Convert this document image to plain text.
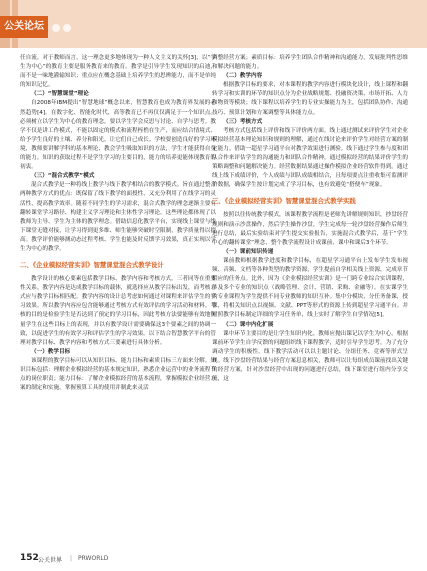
公关论坛

任自流。对于教师而言，这一理念更多地体现为一种人文主义的关怀[3]，以“学生为中心”的教育主要是服务教育来的教育。教学是引导学生发现知识的启迪，而不是一味地灌输知识；重点应在概念基础上培养学生的思辨能力，而不是单纯的知识记忆。

（二）“智慧课堂”理论

自2008年IBM提出“智慧地球”概念以来，智慧教育也成为教育界发展的必然趋势[4]。在数字化、智能化时代，高等教育已不再仅仅满足于一个知识点。必须树立以学生为中心的教育理念，要以学生学会反思与讨论、自学与思考。教学不仅是讲工作模式，不能以固定的模式和流程桎梏在生产，而应结合情境式、给予学生良好的土壤、养分和阳光，让它们自己成长。学校要创造良好的学习环境，教师要讲解学科的基本理论、教会学生吸取知识的方法，学生才能获得自身的能力。知识的获取过程不是学生学习的主要目的，能力的培养更能体现教育的初衷。

（三）“混合式教学”模式

混合式教学是一种将线上教学与线下教学相结合的教学模式。旨在通过整合两种教学方式的优点：既保留了线下教学的面授性、又充分利用了在线学习的灵活性，提高教学效率。随着不同学生的学习需求，混合式教学的理念逐渐主要有翻转课堂学习路径、构建主义学习理论和主体性学习理论。这些理论都体现了以教师为主导、学生为主体的教学理念。借助信息化教学平台，实现线上课堂与线下课堂无缝对接，让学习得到更多维、师生能够突破时空限制，教学质量得以提高。教学评价能够测动态过程考核、学生也能及时反馈学习效果，真正实现以学生为中心的教学。

二、《企业模拟经营实训》智慧课堂混合式教学设计

教学设计的核心要素包括教学目标、教学内容和考核方式。三者同等在重要性关系。教学内容是达成教学目标的载体，就选择应从教学目标出发，而考核方式应与教学目标相匹配。教学内容的设计总考虑如何通过对课程来评估学生的学习效果。所以教学内容应包含能够通过考核方式有效评估的学习活动和材料。考核的目的是检验学生是否达到了预定的学习目标，因此考核方法要能够有效地衡量学生在这些目标上的表现，并以有教学设计需要确保这3个要素之间的协调一致，以促进学生的有效学习和评估学生的学习效果。以下结合智慧教学平台的管理对教学目标、教学内容和考核方式三要素进行具体分析。

（一）教学目标

该课程的教学目标可以从知识目标、能力目标和素质目标三方面来分解。知识目标包括：理解企业模拟经营的基本规定知识，熟悉企业运营中的业务流程节点的岗位职责；能力目标：了解企业模拟经营的基本流程，掌握模拟企业经营方案的制定和实施，掌握预算工具的使用并制此来灵活

调整经营方案；素质目标：培养学生团队合作精神和沟通能力，发展批判性思维和解决问题的能力。

（二）教学内容

根据教学目标的要求，对本课程的教学内容进行模块化设计，线上课程和翻转学习和实训的环节的知识点分为企业战略规划、投融资决策、市场开拓、人力和物资等模块；线下课程以培养学生的专业实操能力为主，包括团队协作、沟通技巧、预算计划和方案调整等具体能力点。

（三）考核方式

考核方式包括线上评价和线下评价两方面。线上通过测试来评价学生对企业模拟经营基本理论知识和规则的理解，通过在线讨论来评价学生对经营方案的制定能力。借助一超星学习通平台对教学效果进行测验。线下通过学生参与度和团队合作来评估学生的沟通能力和团队合作精神，通过模拟经营的结果评价学生的策略调整和问题解决能力。经营数据结果通过操作模拟企业经营软件得到。通过线上线下成绩评价，个人成绩与团队成绩相结合，且每项要点注重收集可监测评价数据，确保学生按计划完成了学习目标，也有效避免“搭便车”现象。

三、《企业模拟经营实训》智慧课堂混合式教学实践

按照以往传统教学模式，该课程教学流程是老师先讲解规则知识，抄盘经营规则和演示沙盘操作，然后学生操作沙盘。学生完成每一轮沙盘经营操作后师生进行总结，最后实验结束对学生提交实验报告，实施混合式教学后，基于“学生中心的翻转课堂”理念，整个教学流程设计成课前、课中和课后3个环节。

（一）课前知识传递

课前教师根据教学进度和教学目标，在超星学习通平台上发布学生发布视频、音频、文档等各种类型的教学资源，学生提前自学相关线上资源，完成章节相应的任务点。比外，因为《企业模拟经营实训》是一门跨专业综合实训课程，涉及多个专业的知识点（战略管理、会计、营销、采购、金融等）。在实课学生的专业课程为学生提供不同专业教师的知识互补。集中分模块、分任务备课，授课，将相关知识点以视频、文献、PPT等形式的资源上传到超星学习通平台。并对照教学目标制定详细的学习任务单，线上实时了解学生自学情况[5]。

（二）课中内化扩展

课中环节主要目的是让学生知识内化。教师应抛出课记以学生为中心，根据课前环节学生自学反馈的问题组织线下课程教学，适时引导学生思考，为了充分调动学生的积极性，线下教学活动可以以主题讨论、分组任务、竞赛等形式呈现。线下沙盘经营结果与经营方案息息相关，教师可以让每组成员课前找出关键的经营方案，针对沙盘经营中出现的问题进行总结，线下课堂进行组内分享交流，这

152 公关世界 | PRWORLD
